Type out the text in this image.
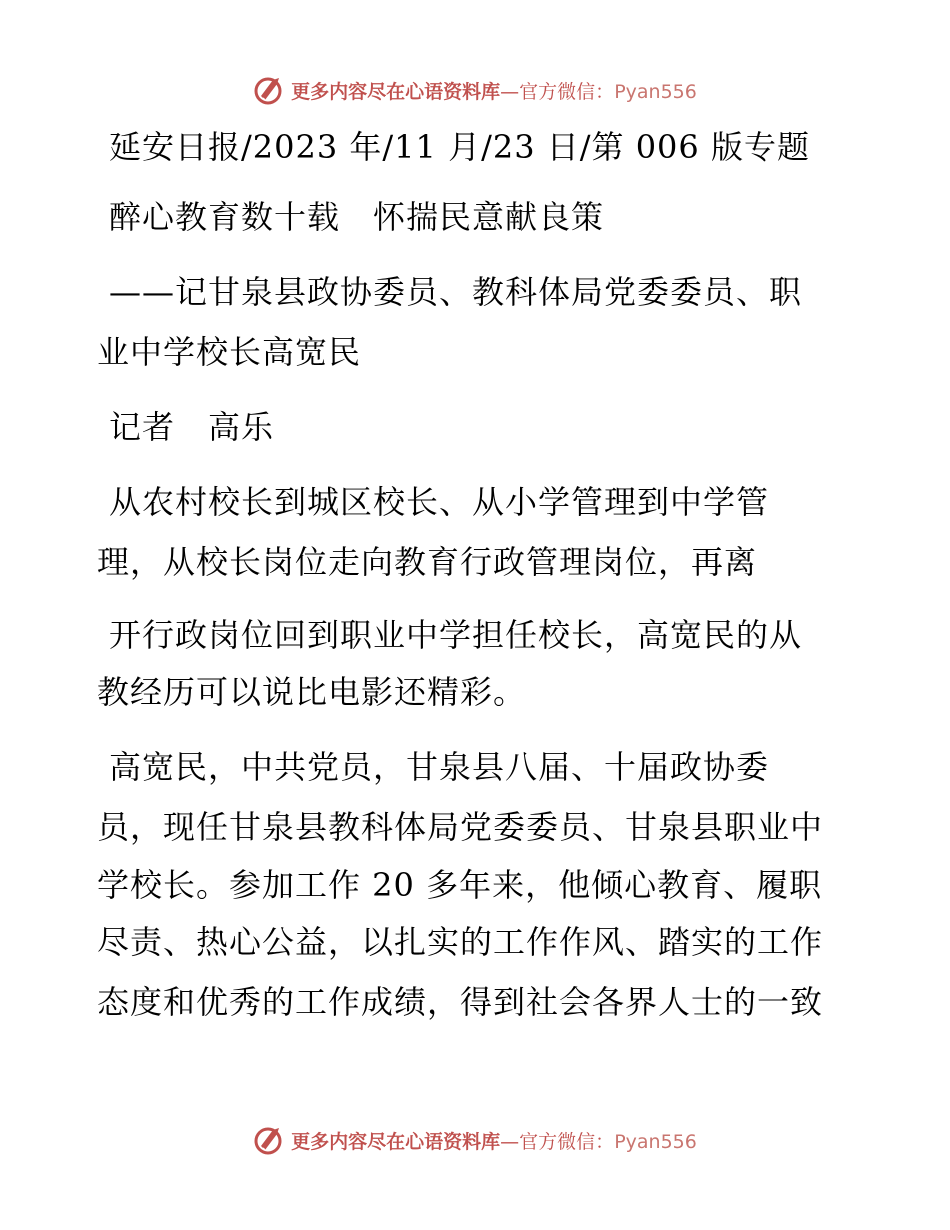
更多内容尽在心语资料库—官方微信：Pyan556
延安日报/2023 年/11 月/23 日/第 006 版专题
醉心教育数十载　怀揣民意献良策
——记甘泉县政协委员、教科体局党委委员、职
业中学校长高宽民
记者　高乐
从农村校长到城区校长、从小学管理到中学管
理，从校长岗位走向教育行政管理岗位，再离
开行政岗位回到职业中学担任校长，高宽民的从
教经历可以说比电影还精彩。
高宽民，中共党员，甘泉县八届、十届政协委
员，现任甘泉县教科体局党委委员、甘泉县职业中
学校长。参加工作 20 多年来，他倾心教育、履职
尽责、热心公益，以扎实的工作作风、踏实的工作
态度和优秀的工作成绩，得到社会各界人士的一致
更多内容尽在心语资料库—官方微信：Pyan556
